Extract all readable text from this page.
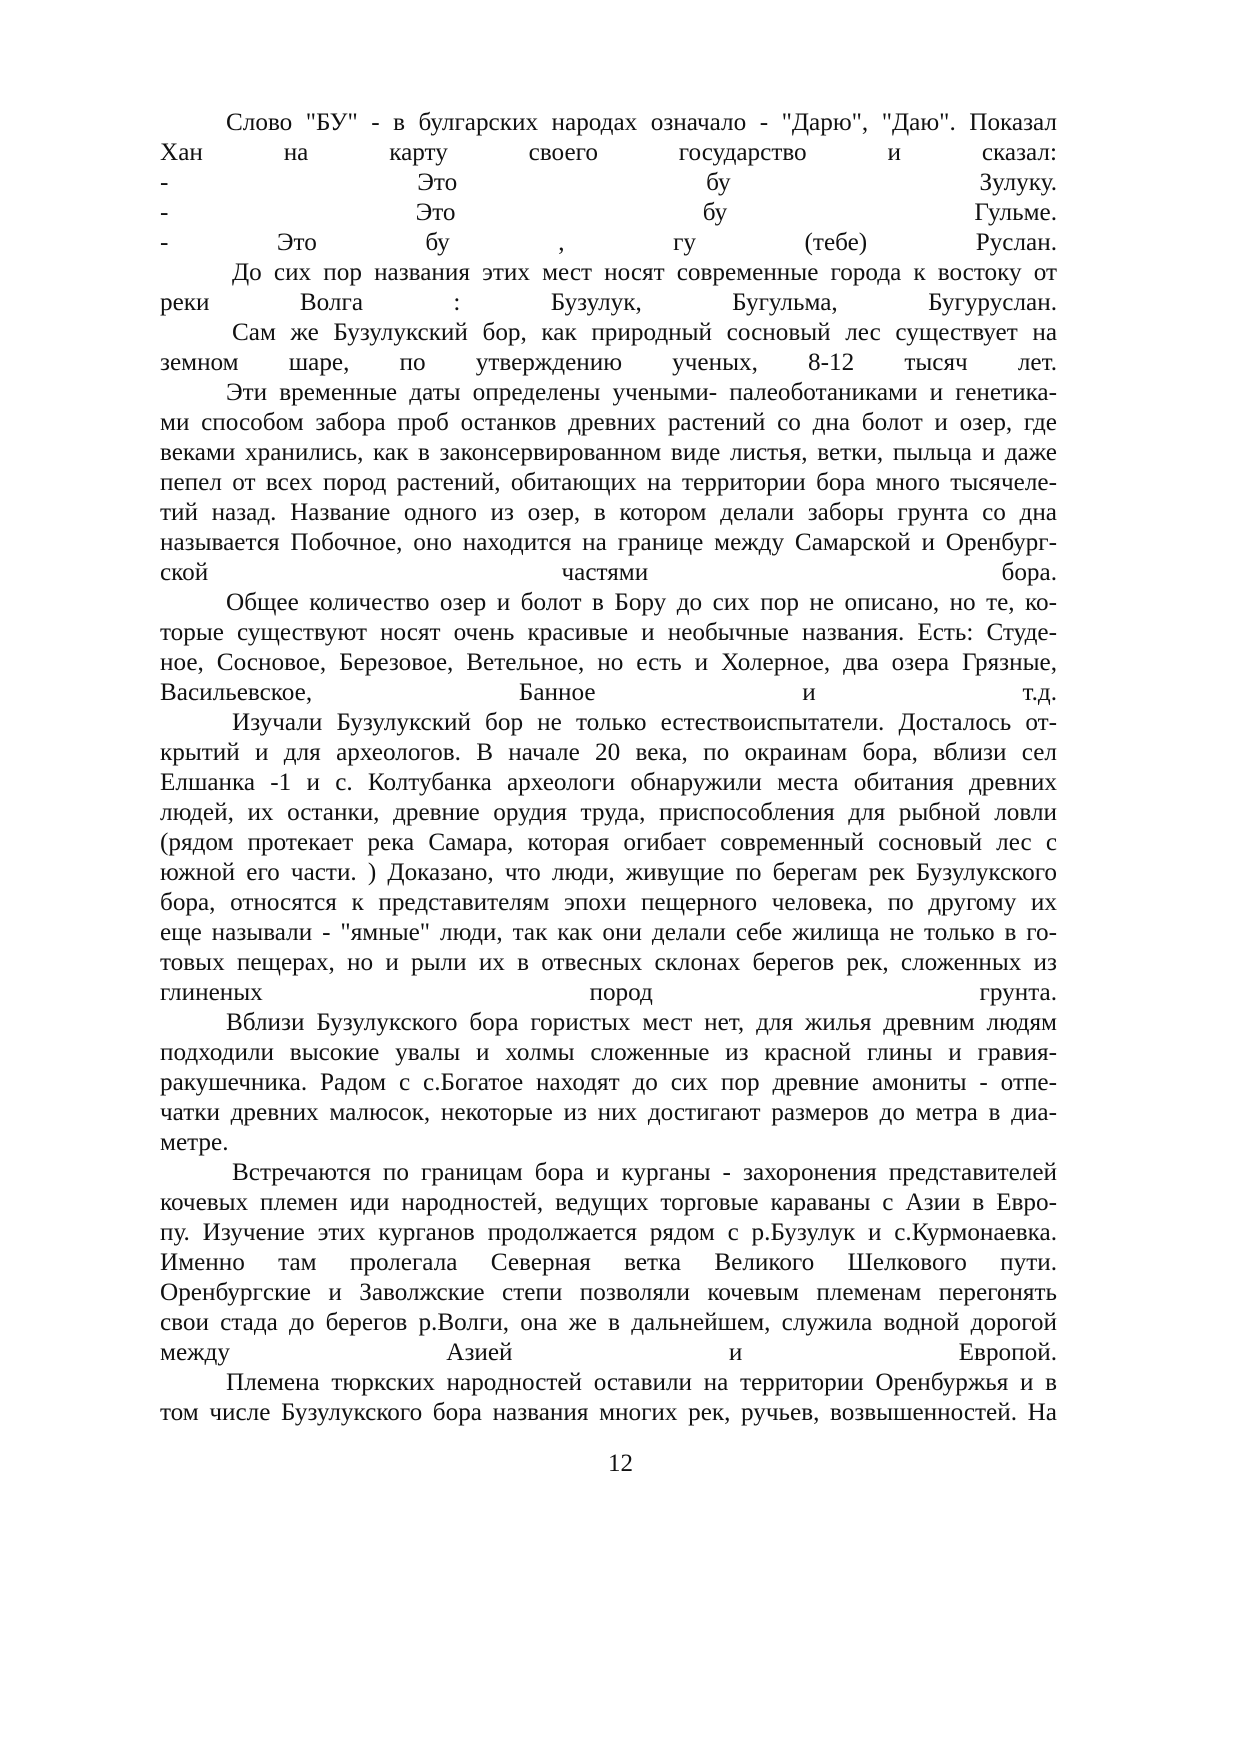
Слово "БУ" - в булгарских народах означало - "Дарю", "Даю". Показал
Хан на карту своего государство и сказал:
- Это бу Зулуку.
- Это бу Гульме.
- Это бу , гу (тебе) Руслан.
До сих пор названия этих мест носят современные города к востоку от
реки Волга : Бузулук, Бугульма, Бугуруслан.
Сам же Бузулукский бор, как природный сосновый лес существует на
земном шаре, по утверждению ученых, 8-12 тысяч лет.
Эти временные даты определены учеными- палеоботаниками и генетика-
ми способом забора проб останков древних растений со дна болот и озер, где
веками хранились, как в законсервированном виде листья, ветки, пыльца и даже
пепел от всех пород растений, обитающих на территории бора много тысячеле-
тий назад. Название одного из озер, в котором делали заборы грунта со дна
называется Побочное, оно находится на границе между Самарской и Оренбург-
ской частями бора.
Общее количество озер и болот в Бору до сих пор не описано, но те, ко-
торые существуют носят очень красивые и необычные названия. Есть: Студе-
ное, Сосновое, Березовое, Ветельное, но есть и Холерное, два озера Грязные,
Васильевское, Банное и т.д.
Изучали Бузулукский бор не только естествоиспытатели. Досталось от-
крытий и для археологов. В начале 20 века, по окраинам бора, вблизи сел
Елшанка -1 и с. Колтубанка археологи обнаружили места обитания древних
людей, их останки, древние орудия труда, приспособления для рыбной ловли
(рядом протекает река Самара, которая огибает современный сосновый лес с
южной его части. ) Доказано, что люди, живущие по берегам рек Бузулукского
бора, относятся к представителям эпохи пещерного человека, по другому их
еще называли - "ямные" люди, так как они делали себе жилища не только в го-
товых пещерах, но и рыли их в отвесных склонах берегов рек, сложенных из
глиненых пород грунта.
Вблизи Бузулукского бора гористых мест нет, для жилья древним людям
подходили высокие увалы и холмы сложенные из красной глины и гравия-
ракушечника. Радом с с.Богатое находят до сих пор древние амониты - отпе-
чатки древних малюсок, некоторые из них достигают размеров до метра в диа-
метре.
Встречаются по границам бора и курганы - захоронения представителей
кочевых племен иди народностей, ведущих торговые караваны с Азии в Евро-
пу. Изучение этих курганов продолжается рядом с р.Бузулук и с.Курмонаевка.
Именно там пролегала Северная ветка Великого Шелкового пути.
Оренбургские и Заволжские степи позволяли кочевым племенам перегонять
свои стада до берегов р.Волги, она же в дальнейшем, служила водной дорогой
между Азией и Европой.
Племена тюркских народностей оставили на территории Оренбуржья и в
том числе Бузулукского бора названия многих рек, ручьев, возвышенностей. На
12
